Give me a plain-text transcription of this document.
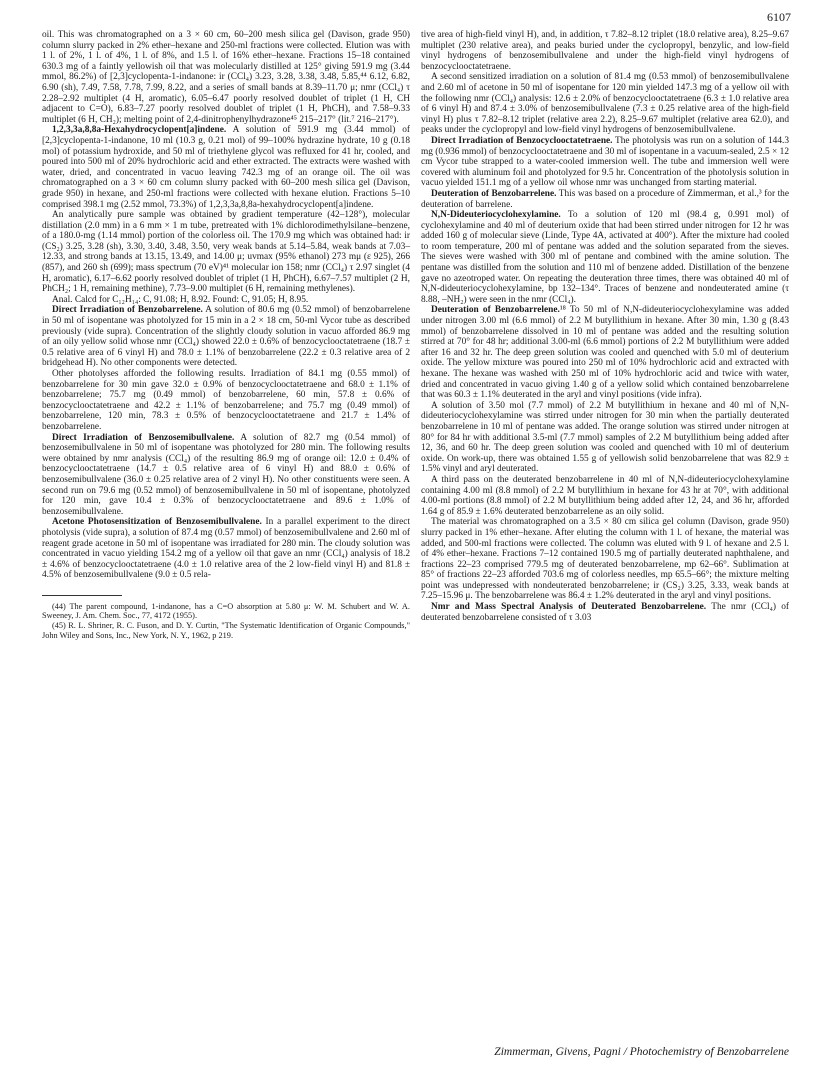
6107

oil. This was chromatographed on a 3 × 60 cm, 60–200 mesh silica gel (Davison, grade 950) column slurry packed in 2% ether–hexane and 250-ml fractions were collected. Elution was with 1 l. of 2%, 1 l. of 4%, 1 l. of 8%, and 1.5 l. of 16% ether–hexane. Fractions 15–18 contained 630.3 mg of a faintly yellowish oil that was molecularly distilled at 125° giving 591.9 mg (3.44 mmol, 86.2%) of [2,3]cyclopenta-1-indanone: ir (CCl₄) 3.23, 3.28, 3.38, 3.48, 5.85,⁴⁴ 6.12, 6.82, 6.90 (sh), 7.49, 7.58, 7.78, 7.99, 8.22, and a series of small bands at 8.39–11.70 μ; nmr (CCl₄) τ 2.28–2.92 multiplet (4 H, aromatic), 6.05–6.47 poorly resolved doublet of triplet (1 H, CH adjacent to C=O), 6.83–7.27 poorly resolved doublet of triplet (1 H, PhCH), and 7.58–9.33 multiplet (6 H, CH₂); melting point of 2,4-dinitrophenylhydrazone⁴⁵ 215–217° (lit.⁷ 216–217°).

1,2,3,3a,8,8a-Hexahydrocyclopent[a]indene. A solution of 591.9 mg (3.44 mmol) of [2,3]cyclopenta-1-indanone, 10 ml (10.3 g, 0.21 mol) of 99–100% hydrazine hydrate, 10 g (0.18 mol) of potassium hydroxide, and 50 ml of triethylene glycol was refluxed for 41 hr, cooled, and poured into 500 ml of 20% hydrochloric acid and ether extracted. The extracts were washed with water, dried, and concentrated in vacuo leaving 742.3 mg of an orange oil. The oil was chromatographed on a 3 × 60 cm column slurry packed with 60–200 mesh silica gel (Davison, grade 950) in hexane, and 250-ml fractions were collected with hexane elution. Fractions 5–10 comprised 398.1 mg (2.52 mmol, 73.3%) of 1,2,3,3a,8,8a-hexahydrocyclopent[a]indene.

An analytically pure sample was obtained by gradient temperature (42–128°), molecular distillation (2.0 mm) in a 6 mm × 1 m tube, pretreated with 1% dichlorodimethylsilane–benzene, of a 180.0-mg (1.14 mmol) portion of the colorless oil. The 170.9 mg which was obtained had: ir (CS₂) 3.25, 3.28 (sh), 3.30, 3.40, 3.48, 3.50, very weak bands at 5.14–5.84, weak bands at 7.03–12.33, and strong bands at 13.15, 13.49, and 14.00 μ; uvmax (95% ethanol) 273 mμ (ε 925), 266 (857), and 260 sh (699); mass spectrum (70 eV)⁴¹ molecular ion 158; nmr (CCl₄) τ 2.97 singlet (4 H, aromatic), 6.17–6.62 poorly resolved doublet of triplet (1 H, PhCH), 6.67–7.57 multiplet (2 H, PhCH₂; 1 H, remaining methine), 7.73–9.00 multiplet (6 H, remaining methylenes).

Anal. Calcd for C₁₂H₁₄: C, 91.08; H, 8.92. Found: C, 91.05; H, 8.95.

Direct Irradiation of Benzobarrelene. A solution of 80.6 mg (0.52 mmol) of benzobarrelene in 50 ml of isopentane was photolyzed for 15 min in a 2 × 18 cm, 50-ml Vycor tube as described previously (vide supra). Concentration of the slightly cloudy solution in vacuo afforded 86.9 mg of an oily yellow solid whose nmr (CCl₄) showed 22.0 ± 0.6% of benzocyclooctatetraene (18.7 ± 0.5 relative area of 6 vinyl H) and 78.0 ± 1.1% of benzobarrelene (22.2 ± 0.3 relative area of 2 bridgehead H). No other components were detected.

Other photolyses afforded the following results. Irradiation of 84.1 mg (0.55 mmol) of benzobarrelene for 30 min gave 32.0 ± 0.9% of benzocyclooctatetraene and 68.0 ± 1.1% of benzobarrelene; 75.7 mg (0.49 mmol) of benzobarrelene, 60 min, 57.8 ± 0.6% of benzocyclooctatetraene and 42.2 ± 1.1% of benzobarrelene; and 75.7 mg (0.49 mmol) of benzobarrelene, 120 min, 78.3 ± 0.5% of benzocyclooctatetraene and 21.7 ± 1.4% of benzobarrelene.

Direct Irradiation of Benzosemibullvalene. A solution of 82.7 mg (0.54 mmol) of benzosemibullvalene in 50 ml of isopentane was photolyzed for 280 min. The following results were obtained by nmr analysis (CCl₄) of the resulting 86.9 mg of orange oil: 12.0 ± 0.4% of benzocyclooctatetraene (14.7 ± 0.5 relative area of 6 vinyl H) and 88.0 ± 0.6% of benzosemibullvalene (36.0 ± 0.25 relative area of 2 vinyl H). No other constituents were seen. A second run on 79.6 mg (0.52 mmol) of benzosemibullvalene in 50 ml of isopentane, photolyzed for 120 min, gave 10.4 ± 0.3% of benzocyclooctatetraene and 89.6 ± 1.0% of benzosemibullvalene.

Acetone Photosensitization of Benzosemibullvalene. In a parallel experiment to the direct photolysis (vide supra), a solution of 87.4 mg (0.57 mmol) of benzosemibullvalene and 2.60 ml of reagent grade acetone in 50 ml of isopentane was irradiated for 280 min. The cloudy solution was concentrated in vacuo yielding 154.2 mg of a yellow oil that gave an nmr (CCl₄) analysis of 18.2 ± 4.6% of benzocyclooctatetraene (4.0 ± 1.0 relative area of the 2 low-field vinyl H) and 81.8 ± 4.5% of benzosemibullvalene (9.0 ± 0.5 rela-

(44) The parent compound, 1-indanone, has a C=O absorption at 5.80 μ: W. M. Schubert and W. A. Sweeney, J. Am. Chem. Soc., 77, 4172 (1955).

(45) R. L. Shriner, R. C. Fuson, and D. Y. Curtin, "The Systematic Identification of Organic Compounds," John Wiley and Sons, Inc., New York, N. Y., 1962, p 219.

tive area of high-field vinyl H), and, in addition, τ 7.82–8.12 triplet (18.0 relative area), 8.25–9.67 multiplet (230 relative area), and peaks buried under the cyclopropyl, benzylic, and low-field vinyl hydrogens of benzosemibullvalene and under the high-field vinyl hydrogens of benzocyclooctatetraene.

A second sensitized irradiation on a solution of 81.4 mg (0.53 mmol) of benzosemibullvalene and 2.60 ml of acetone in 50 ml of isopentane for 120 min yielded 147.3 mg of a yellow oil with the following nmr (CCl₄) analysis: 12.6 ± 2.0% of benzocyclooctatetraene (6.3 ± 1.0 relative area of 6 vinyl H) and 87.4 ± 3.0% of benzosemibullvalene (7.3 ± 0.25 relative area of the high-field vinyl H) plus τ 7.82–8.12 triplet (relative area 2.2), 8.25–9.67 multiplet (relative area 62.0), and peaks under the cyclopropyl and low-field vinyl hydrogens of benzosemibullvalene.

Direct Irradiation of Benzocyclooctatetraene. The photolysis was run on a solution of 144.3 mg (0.936 mmol) of benzocyclooctatetraene and 30 ml of isopentane in a vacuum-sealed, 2.5 × 12 cm Vycor tube strapped to a water-cooled immersion well. The tube and immersion well were covered with aluminum foil and photolyzed for 9.5 hr. Concentration of the photolysis solution in vacuo yielded 151.1 mg of a yellow oil whose nmr was unchanged from starting material.

Deuteration of Benzobarrelene. This was based on a procedure of Zimmerman, et al.,³ for the deuteration of barrelene.

N,N-Dideuteriocyclohexylamine. To a solution of 120 ml (98.4 g, 0.991 mol) of cyclohexylamine and 40 ml of deuterium oxide that had been stirred under nitrogen for 12 hr was added 160 g of molecular sieve (Linde, Type 4A, activated at 400°). After the mixture had cooled to room temperature, 200 ml of pentane was added and the solution separated from the sieves. The sieves were washed with 300 ml of pentane and combined with the amine solution. The pentane was distilled from the solution and 110 ml of benzene added. Distillation of the benzene gave no azeotroped water. On repeating the deuteration three times, there was obtained 40 ml of N,N-dideuteriocyclohexylamine, bp 132–134°. Traces of benzene and nondeuterated amine (τ 8.88, –NH₂) were seen in the nmr (CCl₄).

Deuteration of Benzobarrelene.¹⁸ To 50 ml of N,N-dideuteriocyclohexylamine was added under nitrogen 3.00 ml (6.6 mmol) of 2.2 M butyllithium in hexane. After 30 min, 1.30 g (8.43 mmol) of benzobarrelene dissolved in 10 ml of pentane was added and the resulting solution stirred at 70° for 48 hr; additional 3.00-ml (6.6 mmol) portions of 2.2 M butyllithium were added after 16 and 32 hr. The deep green solution was cooled and quenched with 5.0 ml of deuterium oxide. The yellow mixture was poured into 250 ml of 10% hydrochloric acid and extracted with hexane. The hexane was washed with 250 ml of 10% hydrochloric acid and twice with water, dried and concentrated in vacuo giving 1.40 g of a yellow solid which contained benzobarrelene that was 60.3 ± 1.1% deuterated in the aryl and vinyl positions (vide infra).

A solution of 3.50 mol (7.7 mmol) of 2.2 M butyllithium in hexane and 40 ml of N,N-dideuteriocyclohexylamine was stirred under nitrogen for 30 min when the partially deuterated benzobarrelene in 10 ml of pentane was added. The orange solution was stirred under nitrogen at 80° for 84 hr with additional 3.5-ml (7.7 mmol) samples of 2.2 M butyllithium being added after 12, 36, and 60 hr. The deep green solution was cooled and quenched with 10 ml of deuterium oxide. On work-up, there was obtained 1.55 g of yellowish solid benzobarrelene that was 82.9 ± 1.5% vinyl and aryl deuterated.

A third pass on the deuterated benzobarrelene in 40 ml of N,N-dideuteriocyclohexylamine containing 4.00 ml (8.8 mmol) of 2.2 M butyllithium in hexane for 43 hr at 70°, with additional 4.00-ml portions (8.8 mmol) of 2.2 M butyllithium being added after 12, 24, and 36 hr, afforded 1.64 g of 85.9 ± 1.6% deuterated benzobarrelene as an oily solid.

The material was chromatographed on a 3.5 × 80 cm silica gel column (Davison, grade 950) slurry packed in 1% ether–hexane. After eluting the column with 1 l. of hexane, the material was added, and 500-ml fractions were collected. The column was eluted with 9 l. of hexane and 2.5 l. of 4% ether–hexane. Fractions 7–12 contained 190.5 mg of partially deuterated naphthalene, and fractions 22–23 comprised 779.5 mg of deuterated benzobarrelene, mp 62–66°. Sublimation at 85° of fractions 22–23 afforded 703.6 mg of colorless needles, mp 65.5–66°; the mixture melting point was undepressed with nondeuterated benzobarrelene; ir (CS₂) 3.25, 3.33, weak bands at 7.25–15.96 μ. The benzobarrelene was 86.4 ± 1.2% deuterated in the aryl and vinyl positions.

Nmr and Mass Spectral Analysis of Deuterated Benzobarrelene. The nmr (CCl₄) of deuterated benzobarrelene consisted of τ 3.03

Zimmerman, Givens, Pagni / Photochemistry of Benzobarrelene
